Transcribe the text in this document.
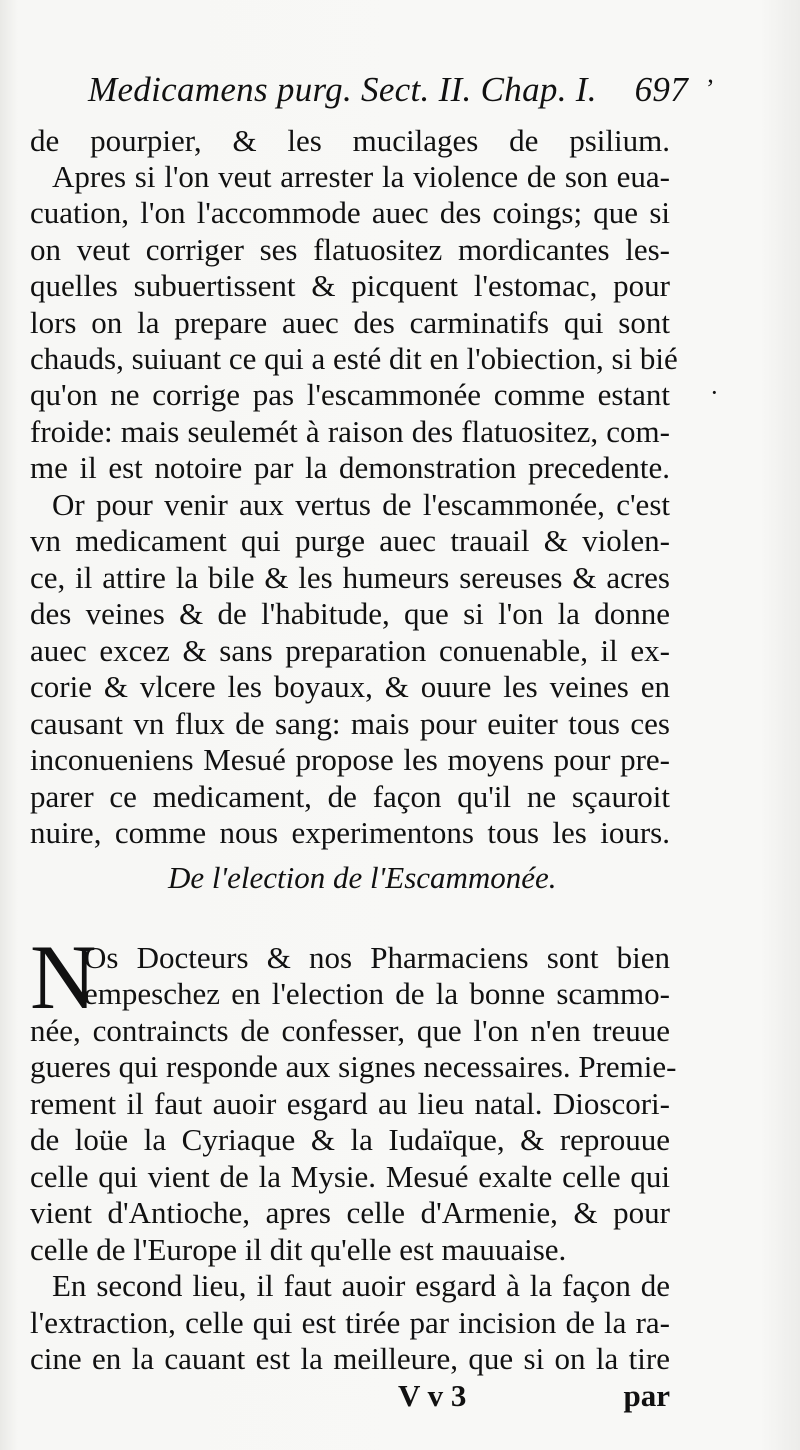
Medicamens purg. Sect. II. Chap. I. 697
de pourpier, & les mucilages de psilium.
Apres si l'on veut arrester la violence de son eua-
cuation, l'on l'accommode auec des coings; que si
on veut corriger ses flatuositez mordicantes les-
quelles subuertissent & picquent l'estomac, pour
lors on la prepare auec des carminatifs qui sont
chauds, suiuant ce qui a esté dit en l'obiection, si bié
qu'on ne corrige pas l'escammonée comme estant
froide: mais seulemét à raison des flatuositez, com-
me il est notoire par la demonstration precedente.
Or pour venir aux vertus de l'escammonée, c'est
vn medicament qui purge auec trauail & violen-
ce, il attire la bile & les humeurs sereuses & acres
des veines & de l'habitude, que si l'on la donne
auec excez & sans preparation conuenable, il ex-
corie & vlcere les boyaux, & ouure les veines en
causant vn flux de sang: mais pour euiter tous ces
inconueniens Mesué propose les moyens pour pre-
parer ce medicament, de façon qu'il ne sçauroit
nuire, comme nous experimentons tous les iours.
De l'election de l'Escammonée.
N
Os Docteurs & nos Pharmaciens sont bien
empeschez en l'election de la bonne scammo-
née, contraincts de confesser, que l'on n'en treuue
gueres qui responde aux signes necessaires. Premie-
rement il faut auoir esgard au lieu natal. Dioscori-
de loüe la Cyriaque & la Iudaïque, & reprouue
celle qui vient de la Mysie. Mesué exalte celle qui
vient d'Antioche, apres celle d'Armenie, & pour
celle de l'Europe il dit qu'elle est mauuaise.
En second lieu, il faut auoir esgard à la façon de
l'extraction, celle qui est tirée par incision de la ra-
cine en la cauant est la meilleure, que si on la tire
V v 3	par
ʼ
·
